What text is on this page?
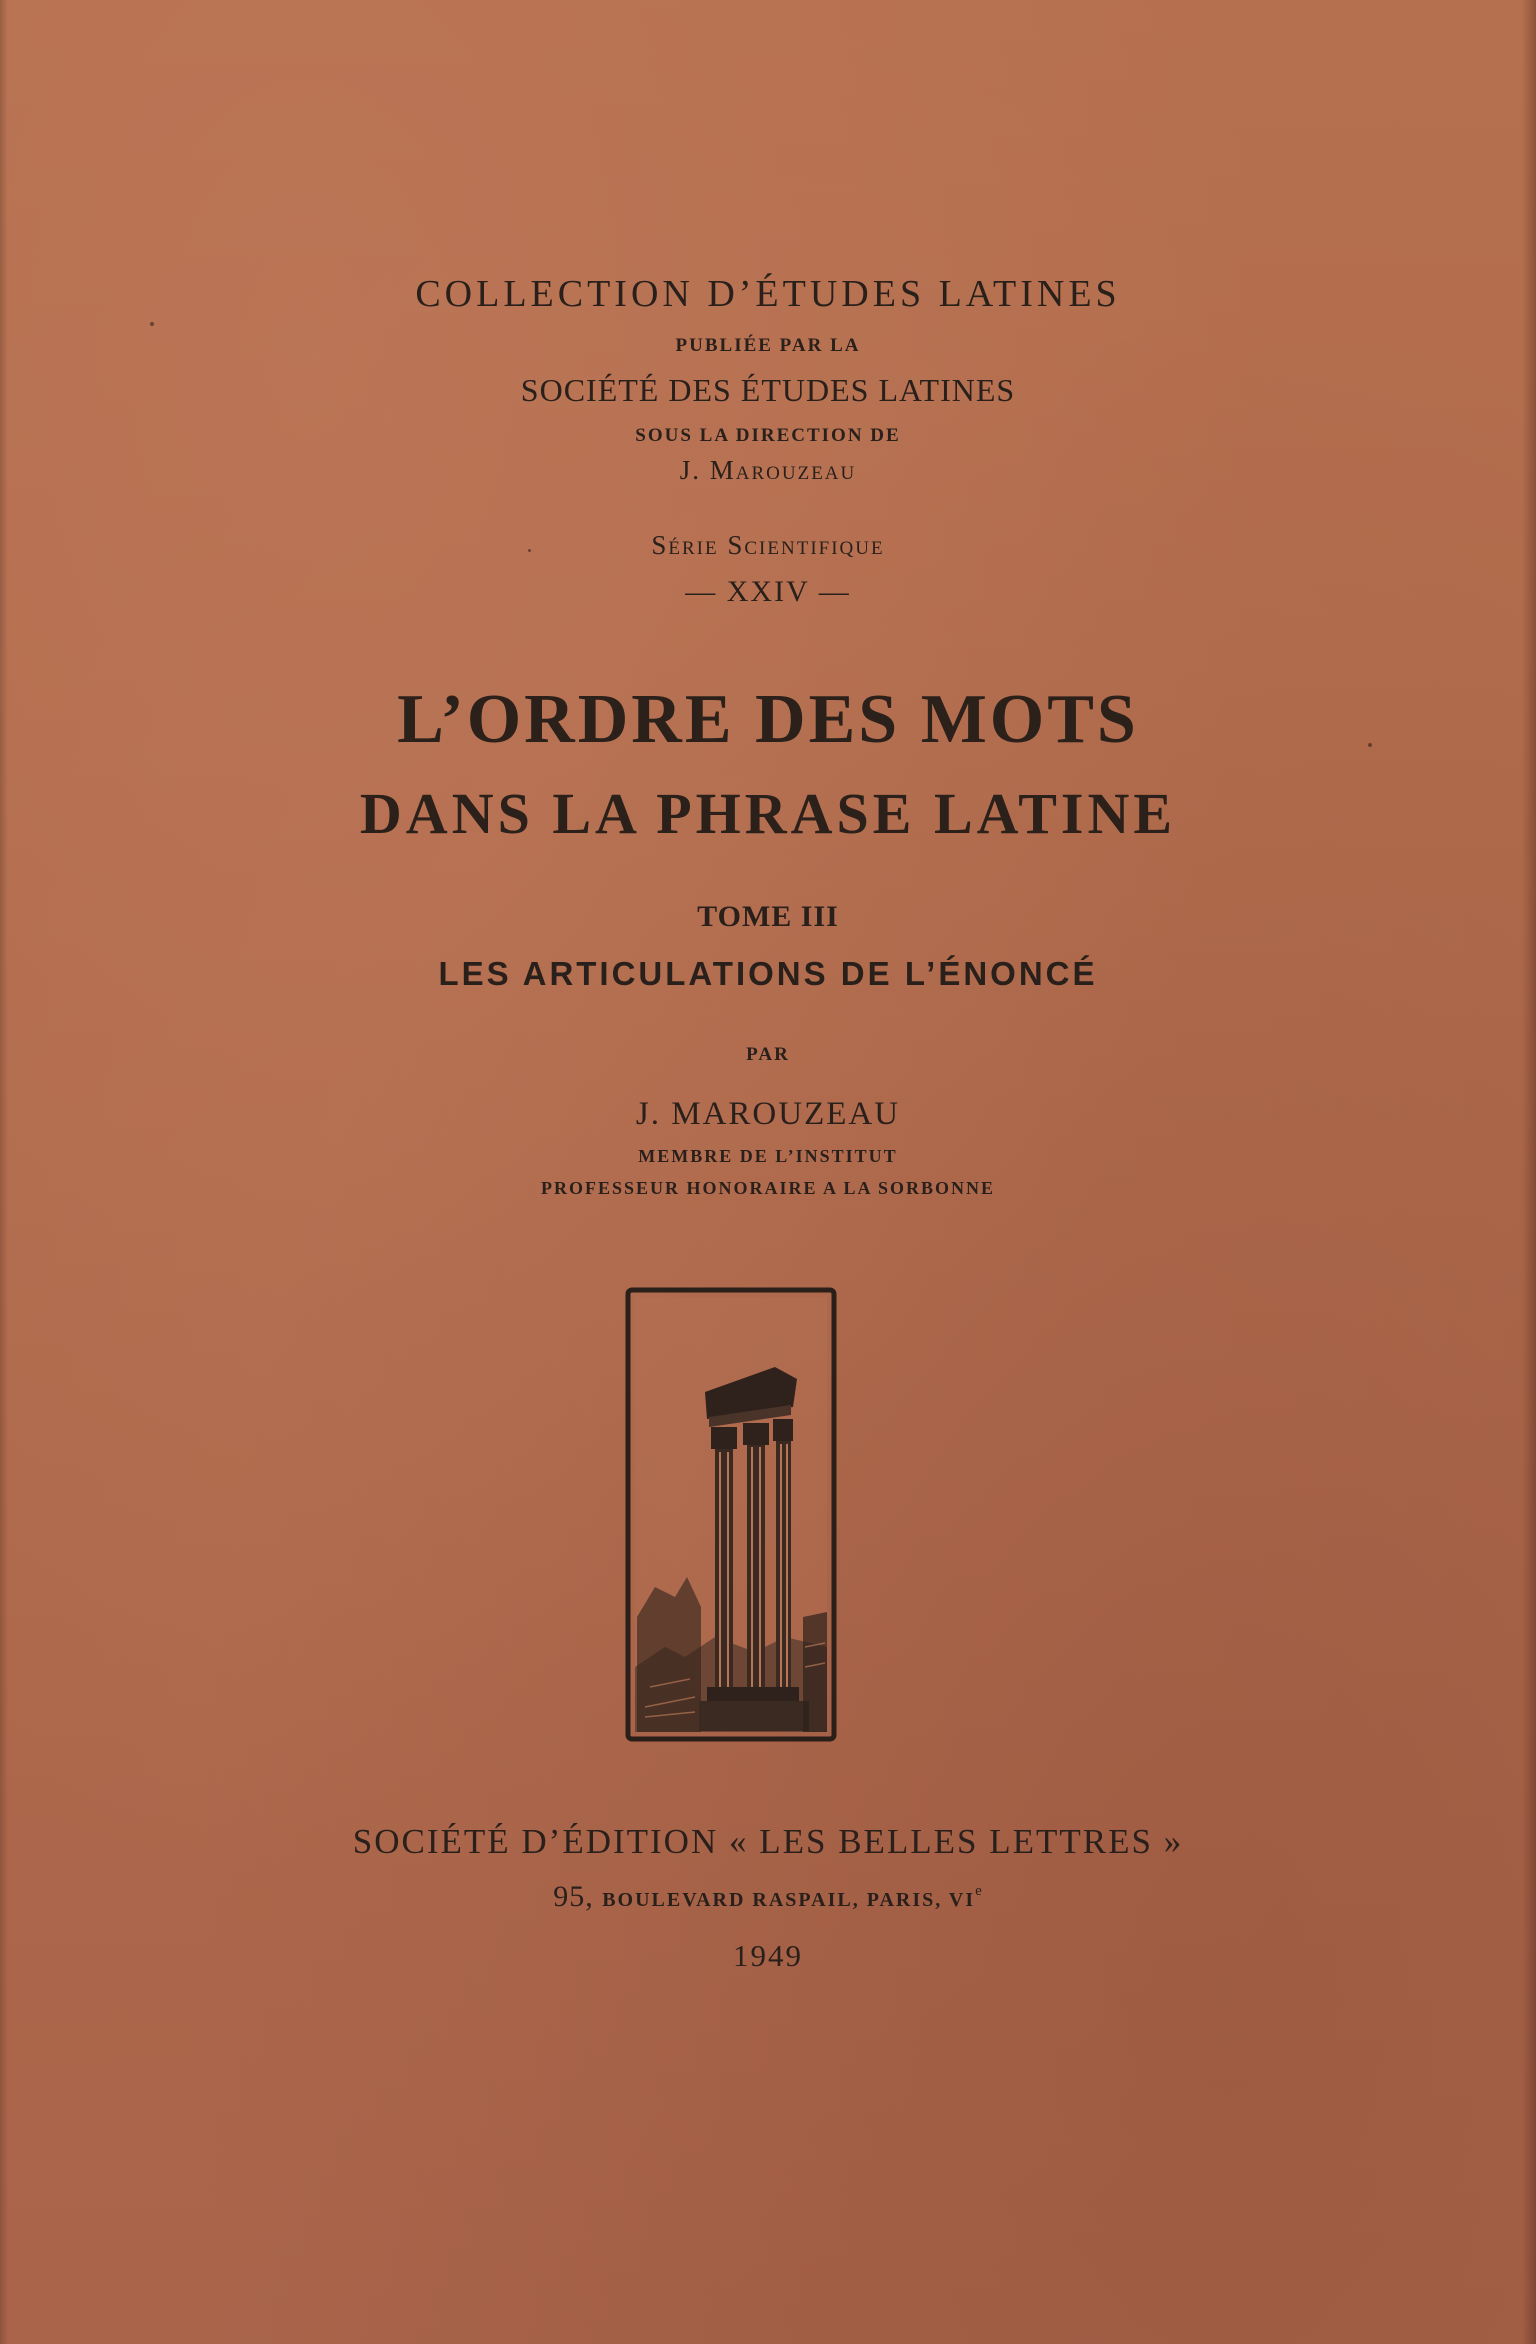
COLLECTION D’ÉTUDES LATINES
PUBLIÉE PAR LA
SOCIÉTÉ DES ÉTUDES LATINES
SOUS LA DIRECTION DE
J. Marouzeau
Série Scientifique
— XXIV —
L’ORDRE DES MOTS
DANS LA PHRASE LATINE
TOME III
LES ARTICULATIONS DE L’ÉNONCÉ
PAR
J. MAROUZEAU
MEMBRE DE L’INSTITUT
PROFESSEUR HONORAIRE A LA SORBONNE
SOCIÉTÉ D’ÉDITION « LES BELLES LETTRES »
95, BOULEVARD RASPAIL, PARIS, VIe
1949
